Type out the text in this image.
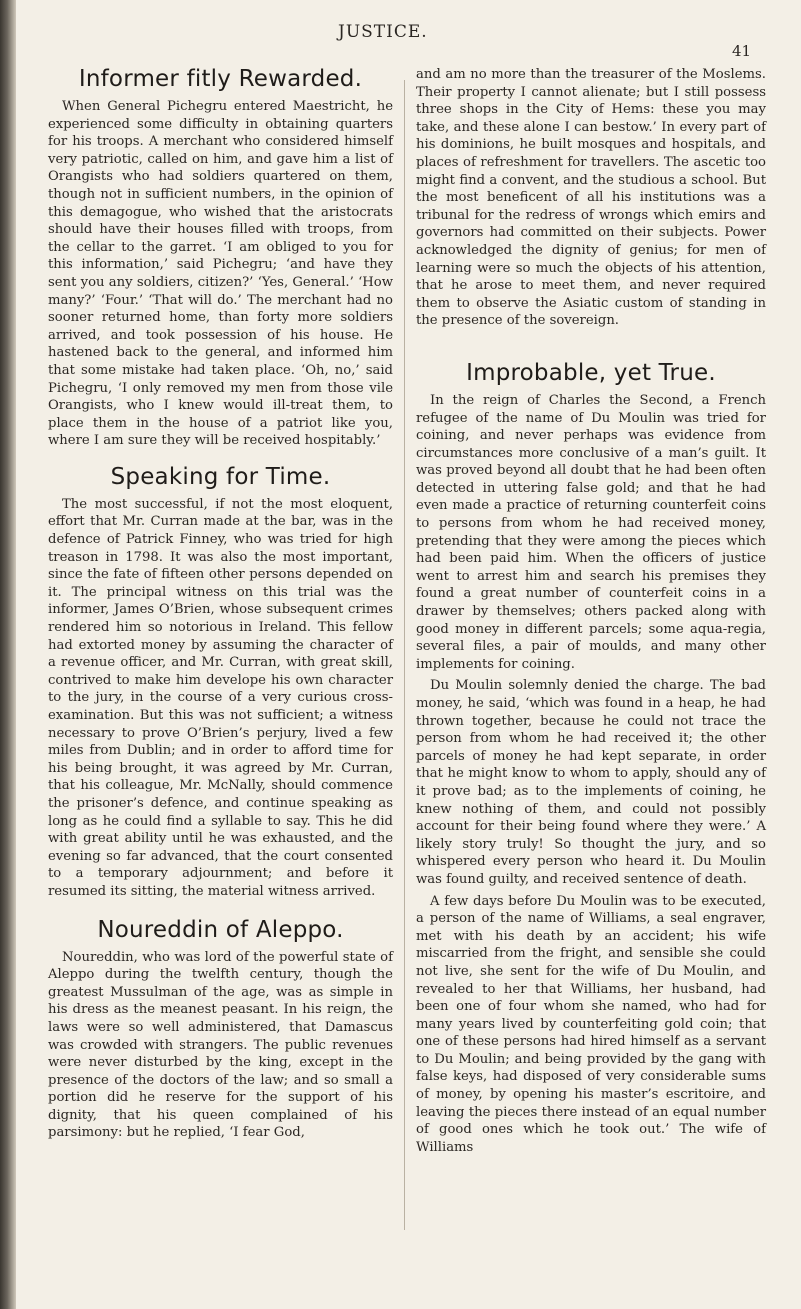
JUSTICE.
41
Informer fitly Rewarded.

When General Pichegru entered Maestricht, he experienced some difficulty in obtaining quarters for his troops. A merchant who considered himself very patriotic, called on him, and gave him a list of Orangists who had soldiers quartered on them, though not in sufficient numbers, in the opinion of this demagogue, who wished that the aristocrats should have their houses filled with troops, from the cellar to the garret. ‘I am obliged to you for this information,’ said Pichegru; ‘and have they sent you any soldiers, citizen?’ ‘Yes, General.’ ‘How many?’ ‘Four.’ ‘That will do.’ The merchant had no sooner returned home, than forty more soldiers arrived, and took possession of his house. He hastened back to the general, and informed him that some mistake had taken place. ‘Oh, no,’ said Pichegru, ‘I only removed my men from those vile Orangists, who I knew would ill-treat them, to place them in the house of a patriot like you, where I am sure they will be received hospitably.’

Speaking for Time.

The most successful, if not the most eloquent, effort that Mr. Curran made at the bar, was in the defence of Patrick Finney, who was tried for high treason in 1798. It was also the most important, since the fate of fifteen other persons depended on it. The principal witness on this trial was the informer, James O’Brien, whose subsequent crimes rendered him so notorious in Ireland. This fellow had extorted money by assuming the character of a revenue officer, and Mr. Curran, with great skill, contrived to make him develope his own character to the jury, in the course of a very curious cross-examination. But this was not sufficient; a witness necessary to prove O’Brien’s perjury, lived a few miles from Dublin; and in order to afford time for his being brought, it was agreed by Mr. Curran, that his colleague, Mr. McNally, should commence the prisoner’s defence, and continue speaking as long as he could find a syllable to say. This he did with great ability until he was exhausted, and the evening so far advanced, that the court consented to a temporary adjournment; and before it resumed its sitting, the material witness arrived.

Noureddin of Aleppo.

Noureddin, who was lord of the powerful state of Aleppo during the twelfth century, though the greatest Mussulman of the age, was as simple in his dress as the meanest peasant. In his reign, the laws were so well administered, that Damascus was crowded with strangers. The public revenues were never disturbed by the king, except in the presence of the doctors of the law; and so small a portion did he reserve for the support of his dignity, that his queen complained of his parsimony: but he replied, ‘I fear God,

and am no more than the treasurer of the Moslems. Their property I cannot alienate; but I still possess three shops in the City of Hems: these you may take, and these alone I can bestow.’ In every part of his dominions, he built mosques and hospitals, and places of refreshment for travellers. The ascetic too might find a convent, and the studious a school. But the most beneficent of all his institutions was a tribunal for the redress of wrongs which emirs and governors had committed on their subjects. Power acknowledged the dignity of genius; for men of learning were so much the objects of his attention, that he arose to meet them, and never required them to observe the Asiatic custom of standing in the presence of the sovereign.

Improbable, yet True.

In the reign of Charles the Second, a French refugee of the name of Du Moulin was tried for coining, and never perhaps was evidence from circumstances more conclusive of a man’s guilt. It was proved beyond all doubt that he had been often detected in uttering false gold; and that he had even made a practice of returning counterfeit coins to persons from whom he had received money, pretending that they were among the pieces which had been paid him. When the officers of justice went to arrest him and search his premises they found a great number of counterfeit coins in a drawer by themselves; others packed along with good money in different parcels; some aqua-regia, several files, a pair of moulds, and many other implements for coining.

Du Moulin solemnly denied the charge. The bad money, he said, ‘which was found in a heap, he had thrown together, because he could not trace the person from whom he had received it; the other parcels of money he had kept separate, in order that he might know to whom to apply, should any of it prove bad; as to the implements of coining, he knew nothing of them, and could not possibly account for their being found where they were.’ A likely story truly! So thought the jury, and so whispered every person who heard it. Du Moulin was found guilty, and received sentence of death.

A few days before Du Moulin was to be executed, a person of the name of Williams, a seal engraver, met with his death by an accident; his wife miscarried from the fright, and sensible she could not live, she sent for the wife of Du Moulin, and revealed to her that Williams, her husband, had been one of four whom she named, who had for many years lived by counterfeiting gold coin; that one of these persons had hired himself as a servant to Du Moulin; and being provided by the gang with false keys, had disposed of very considerable sums of money, by opening his master’s escritoire, and leaving the pieces there instead of an equal number of good ones which he took out.’ The wife of Williams
